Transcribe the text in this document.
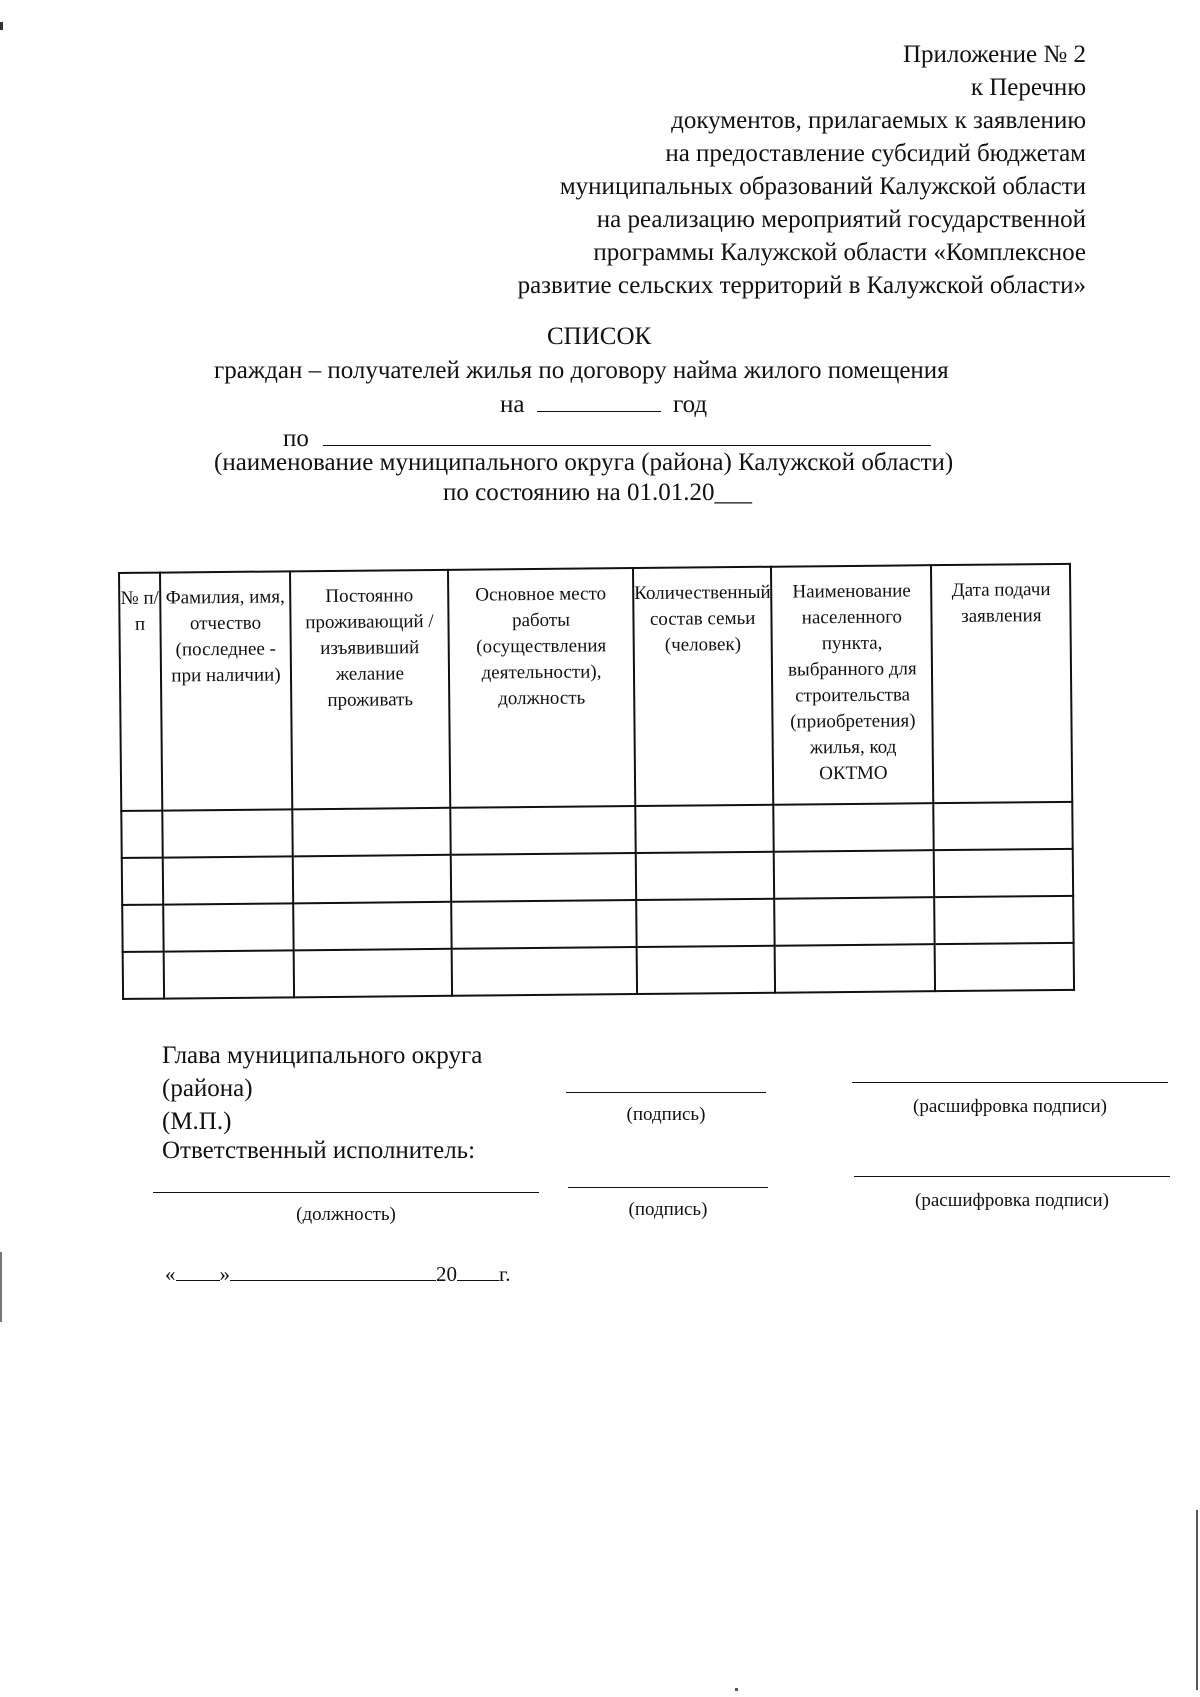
Приложение № 2
к Перечню
документов, прилагаемых к заявлению
на предоставление субсидий бюджетам
муниципальных образований Калужской области
на реализацию мероприятий государственной
программы Калужской области «Комплексное
развитие сельских территорий в Калужской области»
СПИСОК
граждан – получателей жилья по договору найма жилого помещения
на	год
по
(наименование муниципального округа (района) Калужской области)
по состоянию на 01.01.20___
№ п/п	Фамилия, имя, отчество (последнее - при наличии)	Постоянно проживающий /изъявивший желание проживать	Основное место работы (осуществления деятельности), должность	Количественный состав семьи (человек)	Наименование населенного пункта, выбранного для строительства (приобретения) жилья, код ОКТМО	Дата подачи заявления

Глава муниципального округа
(района)
(М.П.)
Ответственный исполнитель:
(подпись)	(расшифровка подписи)
(должность)	(подпись)	(расшифровка подписи)
« »	20 г.
